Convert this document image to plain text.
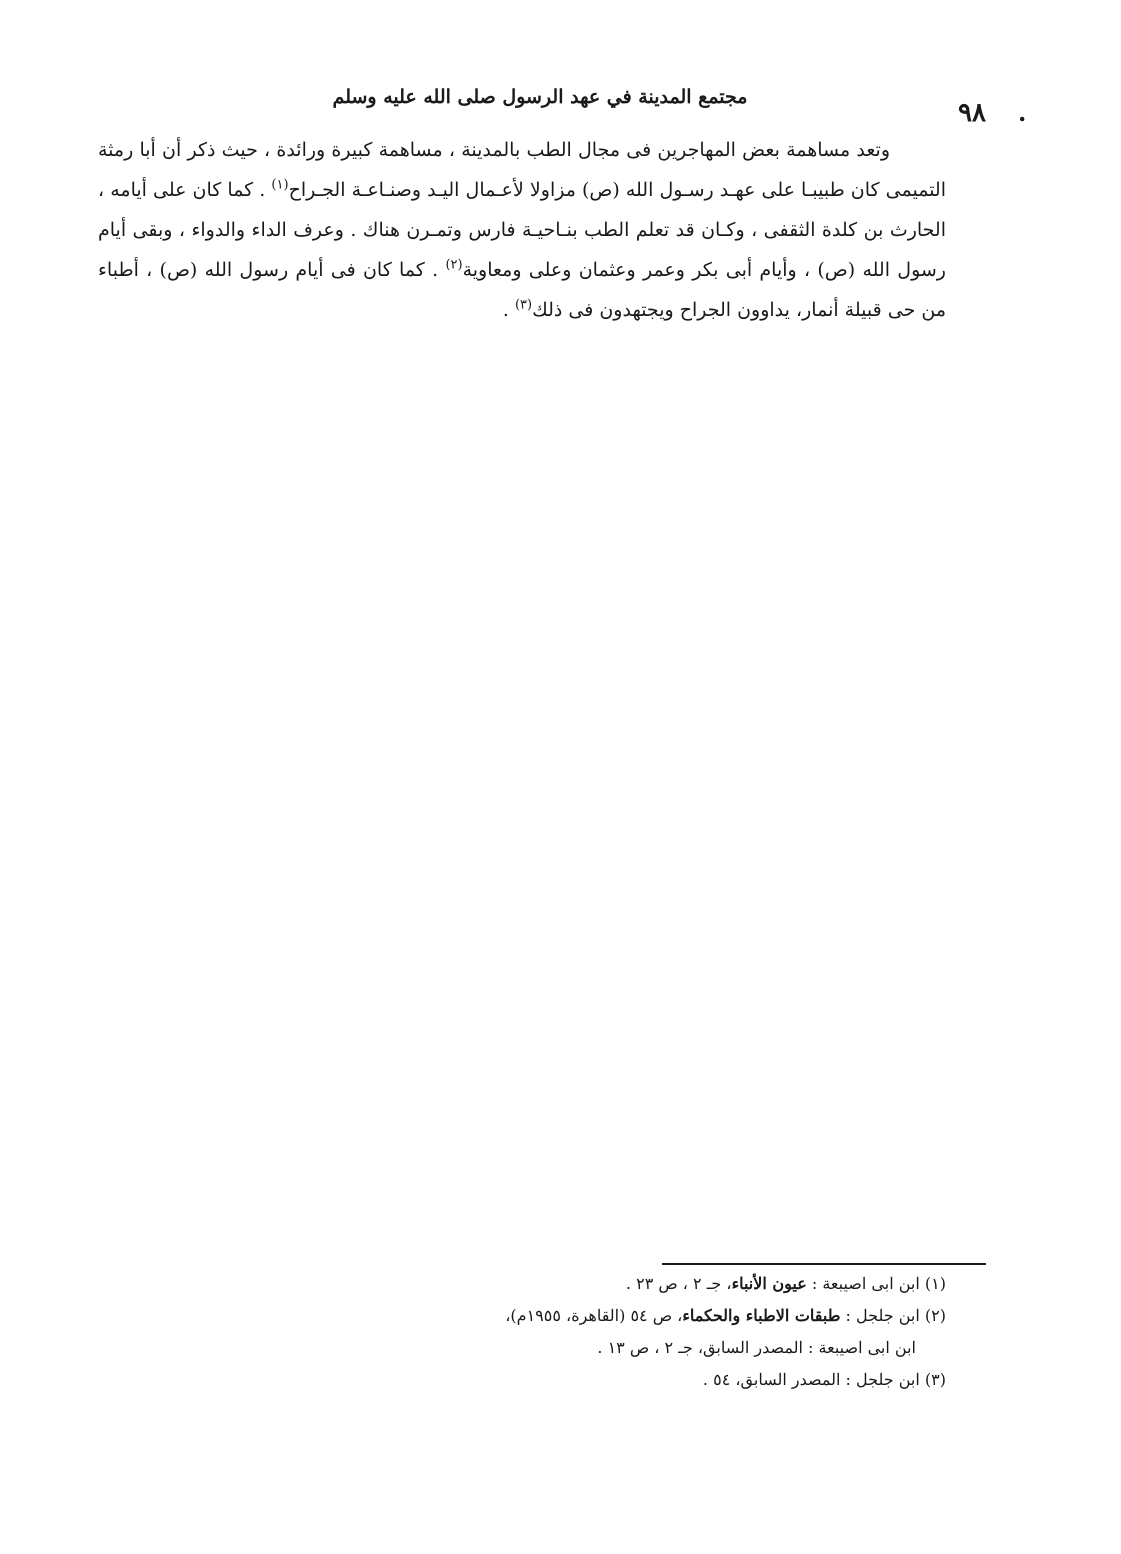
.
٩٨
مجتمع المدينة في عهد الرسول صلى الله عليه وسلم

وتعد مساهمة بعض المهاجرين فى مجال الطب بالمدينة ، مساهمة كبيرة ورائدة ، حيث ذكر أن أبا رمثة التميمى كان طبيبـا على عهـد رسـول الله (ص) مزاولا لأعـمال اليـد وصنـاعـة الجـراح$^{(١)}$ . كما كان على أيامه ، الحارث بن كلدة الثقفى ، وكـان قد تعلم الطب بنـاحيـة فارس وتمـرن هناك . وعرف الداء والدواء ، وبقى أيام رسول الله (ص) ، وأيام أبى بكر وعمر وعثمان وعلى ومعاوية$^{(٢)}$ . كما كان فى أيام رسول الله (ص) ، أطباء من حى قبيلة أنمار، يداوون الجراح ويجتهدون فى ذلك$^{(٣)}$ .

(١) ابن ابى اصيبعة : عيون الأنباء، جـ ٢ ، ص ٢٣ .
(٢) ابن جلجل : طبقات الاطباء والحكماء، ص ٥٤ (القاهرة، ١٩٥٥م)،
ابن ابى اصيبعة : المصدر السابق، جـ ٢ ، ص ١٣ .
(٣) ابن جلجل : المصدر السابق، ٥٤ .
